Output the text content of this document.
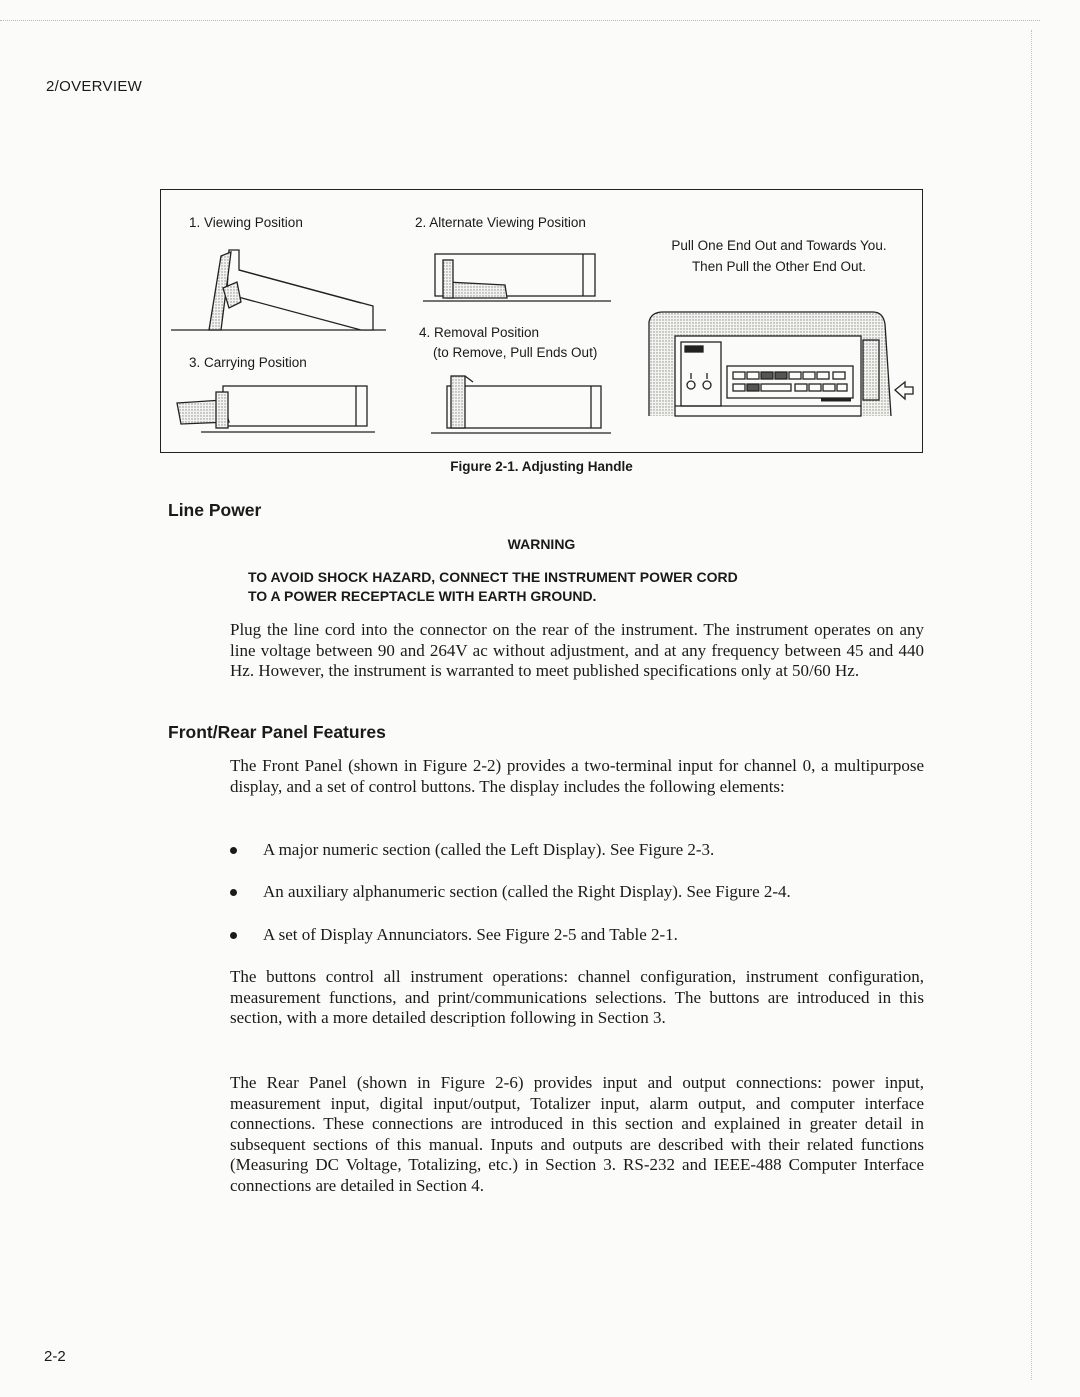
2/OVERVIEW
1. Viewing Position	2. Alternate Viewing Position
3. Carrying Position
4. Removal Position
(to Remove, Pull Ends Out)
Pull One End Out and Towards You.
Then Pull the Other End Out.
Figure 2-1. Adjusting Handle
Line Power
WARNING
TO AVOID SHOCK HAZARD, CONNECT THE INSTRUMENT POWER CORD
TO A POWER RECEPTACLE WITH EARTH GROUND.
Plug the line cord into the connector on the rear of the instrument. The instrument operates on any line voltage between 90 and 264V ac without adjustment, and at any frequency between 45 and 440 Hz. However, the instrument is warranted to meet published specifications only at 50/60 Hz.
Front/Rear Panel Features
The Front Panel (shown in Figure 2-2) provides a two-terminal input for channel 0, a multipurpose display, and a set of control buttons. The display includes the following elements:
A major numeric section (called the Left Display). See Figure 2-3.
An auxiliary alphanumeric section (called the Right Display). See Figure 2-4.
A set of Display Annunciators. See Figure 2-5 and Table 2-1.
The buttons control all instrument operations: channel configuration, instrument configuration, measurement functions, and print/communications selections. The buttons are introduced in this section, with a more detailed description following in Section 3.
The Rear Panel (shown in Figure 2-6) provides input and output connections: power input, measurement input, digital input/output, Totalizer input, alarm output, and computer interface connections. These connections are introduced in this section and explained in greater detail in subsequent sections of this manual. Inputs and outputs are described with their related functions (Measuring DC Voltage, Totalizing, etc.) in Section 3. RS-232 and IEEE-488 Computer Interface connections are detailed in Section 4.
2-2
